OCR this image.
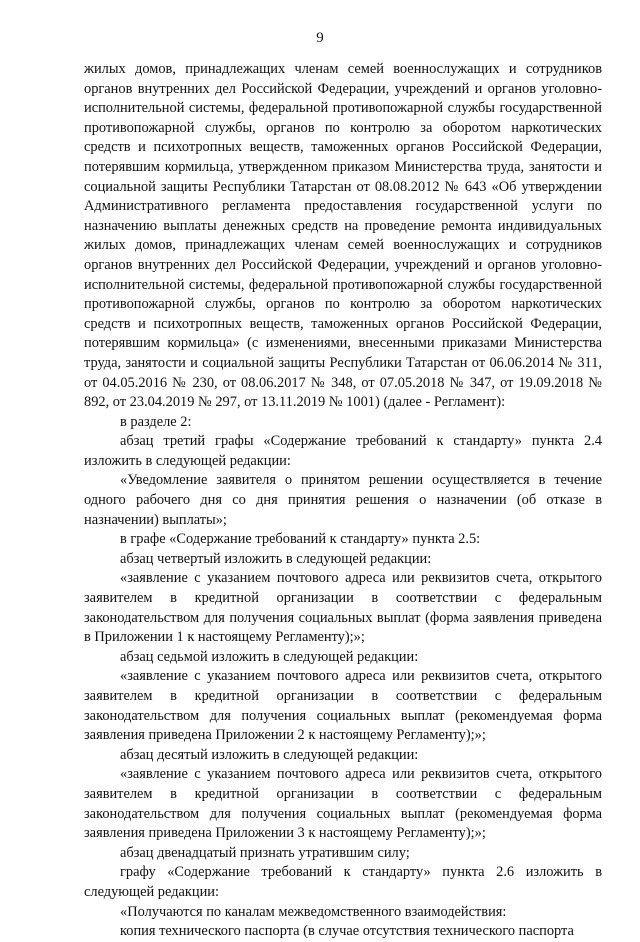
9

жилых домов, принадлежащих членам семей военнослужащих и сотрудников органов внутренних дел Российской Федерации, учреждений и органов уголовно-исполнительной системы, федеральной противопожарной службы государственной противопожарной службы, органов по контролю за оборотом наркотических средств и психотропных веществ, таможенных органов Российской Федерации, потерявшим кормильца, утвержденном приказом Министерства труда, занятости и социальной защиты Республики Татарстан от 08.08.2012 № 643 «Об утверждении Административного регламента предоставления государственной услуги по назначению выплаты денежных средств на проведение ремонта индивидуальных жилых домов, принадлежащих членам семей военнослужащих и сотрудников органов внутренних дел Российской Федерации, учреждений и органов уголовно-исполнительной системы, федеральной противопожарной службы государственной противопожарной службы, органов по контролю за оборотом наркотических средств и психотропных веществ, таможенных органов Российской Федерации, потерявшим кормильца» (с изменениями, внесенными приказами Министерства труда, занятости и социальной защиты Республики Татарстан от 06.06.2014 № 311, от 04.05.2016 № 230, от 08.06.2017 № 348, от 07.05.2018 № 347, от 19.09.2018 № 892, от 23.04.2019 № 297, от 13.11.2019 № 1001) (далее - Регламент):

в разделе 2:

абзац третий графы «Содержание требований к стандарту» пункта 2.4 изложить в следующей редакции:

«Уведомление заявителя о принятом решении осуществляется в течение одного рабочего дня со дня принятия решения о назначении (об отказе в назначении) выплаты»;

в графе «Содержание требований к стандарту» пункта 2.5:

абзац четвертый изложить в следующей редакции:

«заявление с указанием почтового адреса или реквизитов счета, открытого заявителем в кредитной организации в соответствии с федеральным законодательством для получения социальных выплат (форма заявления приведена в Приложении 1 к настоящему Регламенту);»;

абзац седьмой изложить в следующей редакции:

«заявление с указанием почтового адреса или реквизитов счета, открытого заявителем в кредитной организации в соответствии с федеральным законодательством для получения социальных выплат (рекомендуемая форма заявления приведена Приложении 2 к настоящему Регламенту);»;

абзац десятый изложить в следующей редакции:

«заявление с указанием почтового адреса или реквизитов счета, открытого заявителем в кредитной организации в соответствии с федеральным законодательством для получения социальных выплат (рекомендуемая форма заявления приведена Приложении 3 к настоящему Регламенту);»;

абзац двенадцатый признать утратившим силу;

графу «Содержание требований к стандарту» пункта 2.6 изложить в следующей редакции:

«Получаются по каналам межведомственного взаимодействия:

копия технического паспорта (в случае отсутствия технического паспорта
